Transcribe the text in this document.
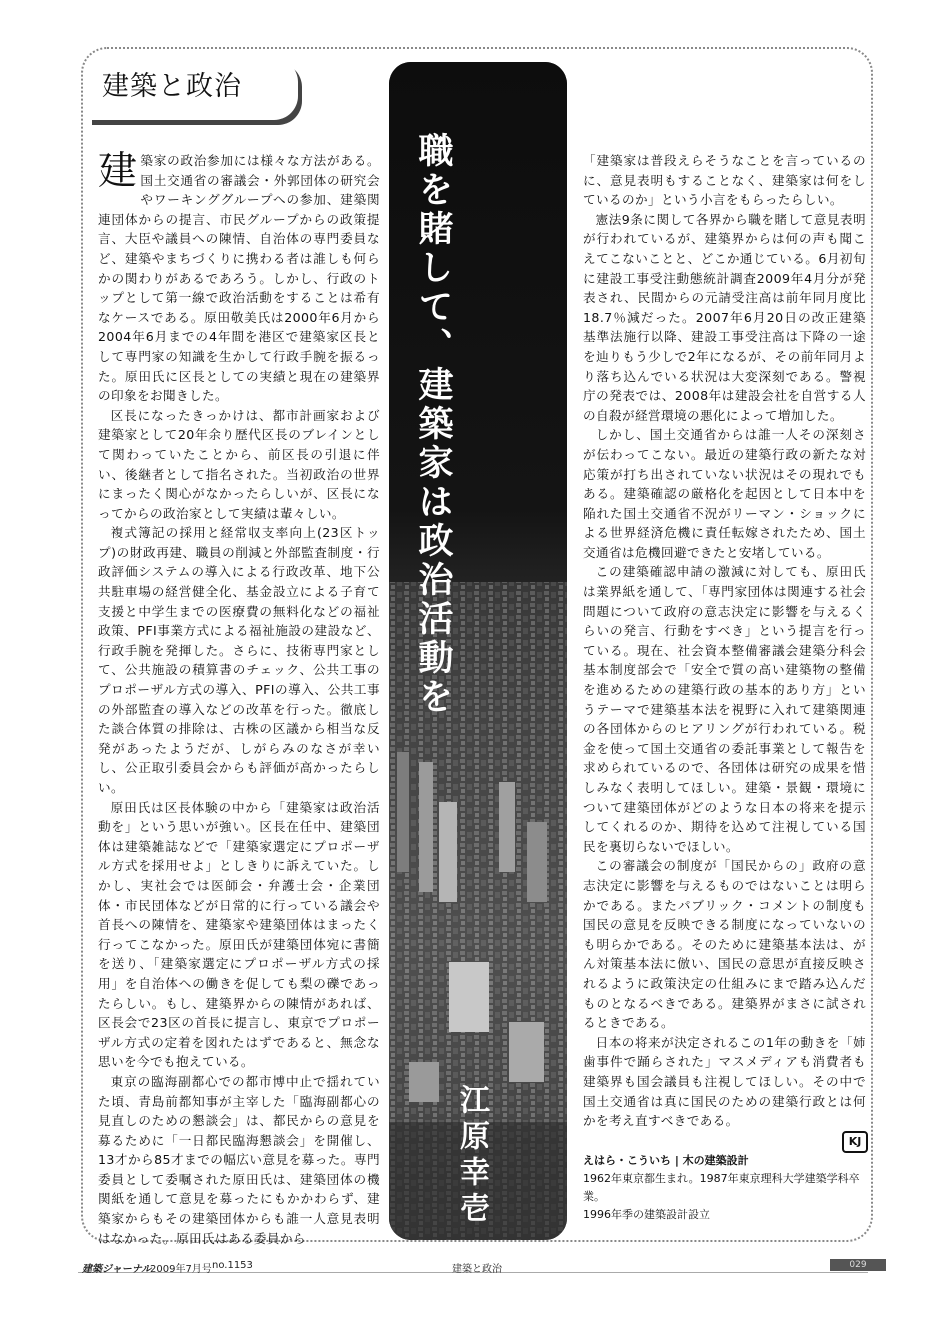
建築と政治

建築家の政治参加には様々な方法がある。国土交通省の審議会・外郭団体の研究会やワーキンググループへの参加、建築関連団体からの提言、市民グループからの政策提言、大臣や議員への陳情、自治体の専門委員など、建築やまちづくりに携わる者は誰しも何らかの関わりがあるであろう。しかし、行政のトップとして第一線で政治活動をすることは希有なケースである。原田敬美氏は2000年6月から2004年6月までの4年間を港区で建築家区長として専門家の知識を生かして行政手腕を振るった。原田氏に区長としての実績と現在の建築界の印象をお聞きした。

区長になったきっかけは、都市計画家および建築家として20年余り歴代区長のブレインとして関わっていたことから、前区長の引退に伴い、後継者として指名された。当初政治の世界にまったく関心がなかったらしいが、区長になってからの政治家として実績は輩々しい。

複式簿記の採用と経常収支率向上(23区トップ)の財政再建、職員の削減と外部監査制度・行政評価システムの導入による行政改革、地下公共駐車場の経営健全化、基金設立による子育て支援と中学生までの医療費の無料化などの福祉政策、PFI事業方式による福祉施設の建設など、行政手腕を発揮した。さらに、技術専門家として、公共施設の積算書のチェック、公共工事のプロポーザル方式の導入、PFIの導入、公共工事の外部監査の導入などの改革を行った。徹底した談合体質の排除は、古株の区議から相当な反発があったようだが、しがらみのなさが幸いし、公正取引委員会からも評価が高かったらしい。

原田氏は区長体験の中から「建築家は政治活動を」という思いが強い。区長在任中、建築団体は建築雑誌などで「建築家選定にプロポーザル方式を採用せよ」としきりに訴えていた。しかし、実社会では医師会・弁護士会・企業団体・市民団体などが日常的に行っている議会や首長への陳情を、建築家や建築団体はまったく行ってこなかった。原田氏が建築団体宛に書簡を送り、「建築家選定にプロポーザル方式の採用」を自治体への働きを促しても梨の礫であったらしい。もし、建築界からの陳情があれば、区長会で23区の首長に提言し、東京でプロポーザル方式の定着を図れたはずであると、無念な思いを今でも抱えている。

東京の臨海副都心での都市博中止で揺れていた頃、青島前都知事が主宰した「臨海副都心の見直しのための懇談会」は、都民からの意見を募るために「一日都民臨海懇談会」を開催し、13才から85才までの幅広い意見を募った。専門委員として委嘱された原田氏は、建築団体の機関紙を通して意見を募ったにもかかわらず、建築家からもその建築団体からも誰一人意見表明はなかった。原田氏はある委員から

職を賭して、建築家は政治活動を
江原幸壱

「建築家は普段えらそうなことを言っているのに、意見表明もすることなく、建築家は何をしているのか」という小言をもらったらしい。

憲法9条に関して各界から職を賭して意見表明が行われているが、建築界からは何の声も聞こえてこないことと、どこか通じている。6月初旬に建設工事受注動態統計調査2009年4月分が発表され、民間からの元請受注高は前年同月度比18.7％減だった。2007年6月20日の改正建築基準法施行以降、建設工事受注高は下降の一途を辿りもう少しで2年になるが、その前年同月より落ち込んでいる状況は大変深刻である。警視庁の発表では、2008年は建設会社を自営する人の自殺が経営環境の悪化によって増加した。

しかし、国土交通省からは誰一人その深刻さが伝わってこない。最近の建築行政の新たな対応策が打ち出されていない状況はその現れでもある。建築確認の厳格化を起因として日本中を陥れた国土交通省不況がリーマン・ショックによる世界経済危機に責任転嫁されたため、国土交通省は危機回避できたと安堵している。

この建築確認申請の激減に対しても、原田氏は業界紙を通して、「専門家団体は関連する社会問題について政府の意志決定に影響を与えるくらいの発言、行動をすべき」という提言を行っている。現在、社会資本整備審議会建築分科会基本制度部会で「安全で質の高い建築物の整備を進めるための建築行政の基本的あり方」というテーマで建築基本法を視野に入れて建築関連の各団体からのヒアリングが行われている。税金を使って国土交通省の委託事業として報告を求められているので、各団体は研究の成果を惜しみなく表明してほしい。建築・景観・環境について建築団体がどのような日本の将来を提示してくれるのか、期待を込めて注視している国民を裏切らないでほしい。

この審議会の制度が「国民からの」政府の意志決定に影響を与えるものではないことは明らかである。またパブリック・コメントの制度も国民の意見を反映できる制度になっていないのも明らかである。そのために建築基本法は、がん対策基本法に倣い、国民の意思が直接反映されるように政策決定の仕組みにまで踏み込んだものとなるべきである。建築界がまさに試されるときである。

日本の将来が決定されるこの1年の動きを「姉歯事件で踊らされた」マスメディアも消費者も建築界も国会議員も注視してほしい。その中で国土交通省は真に国民のための建築行政とは何かを考え直すべきである。

KJ
えはら・こういち | 木の建築設計
1962年東京都生まれ。1987年東京理科大学建築学科卒業。
1996年季の建築設計設立
建築ジャーナル
2009年7月号 no.1153	建築と政治	029
